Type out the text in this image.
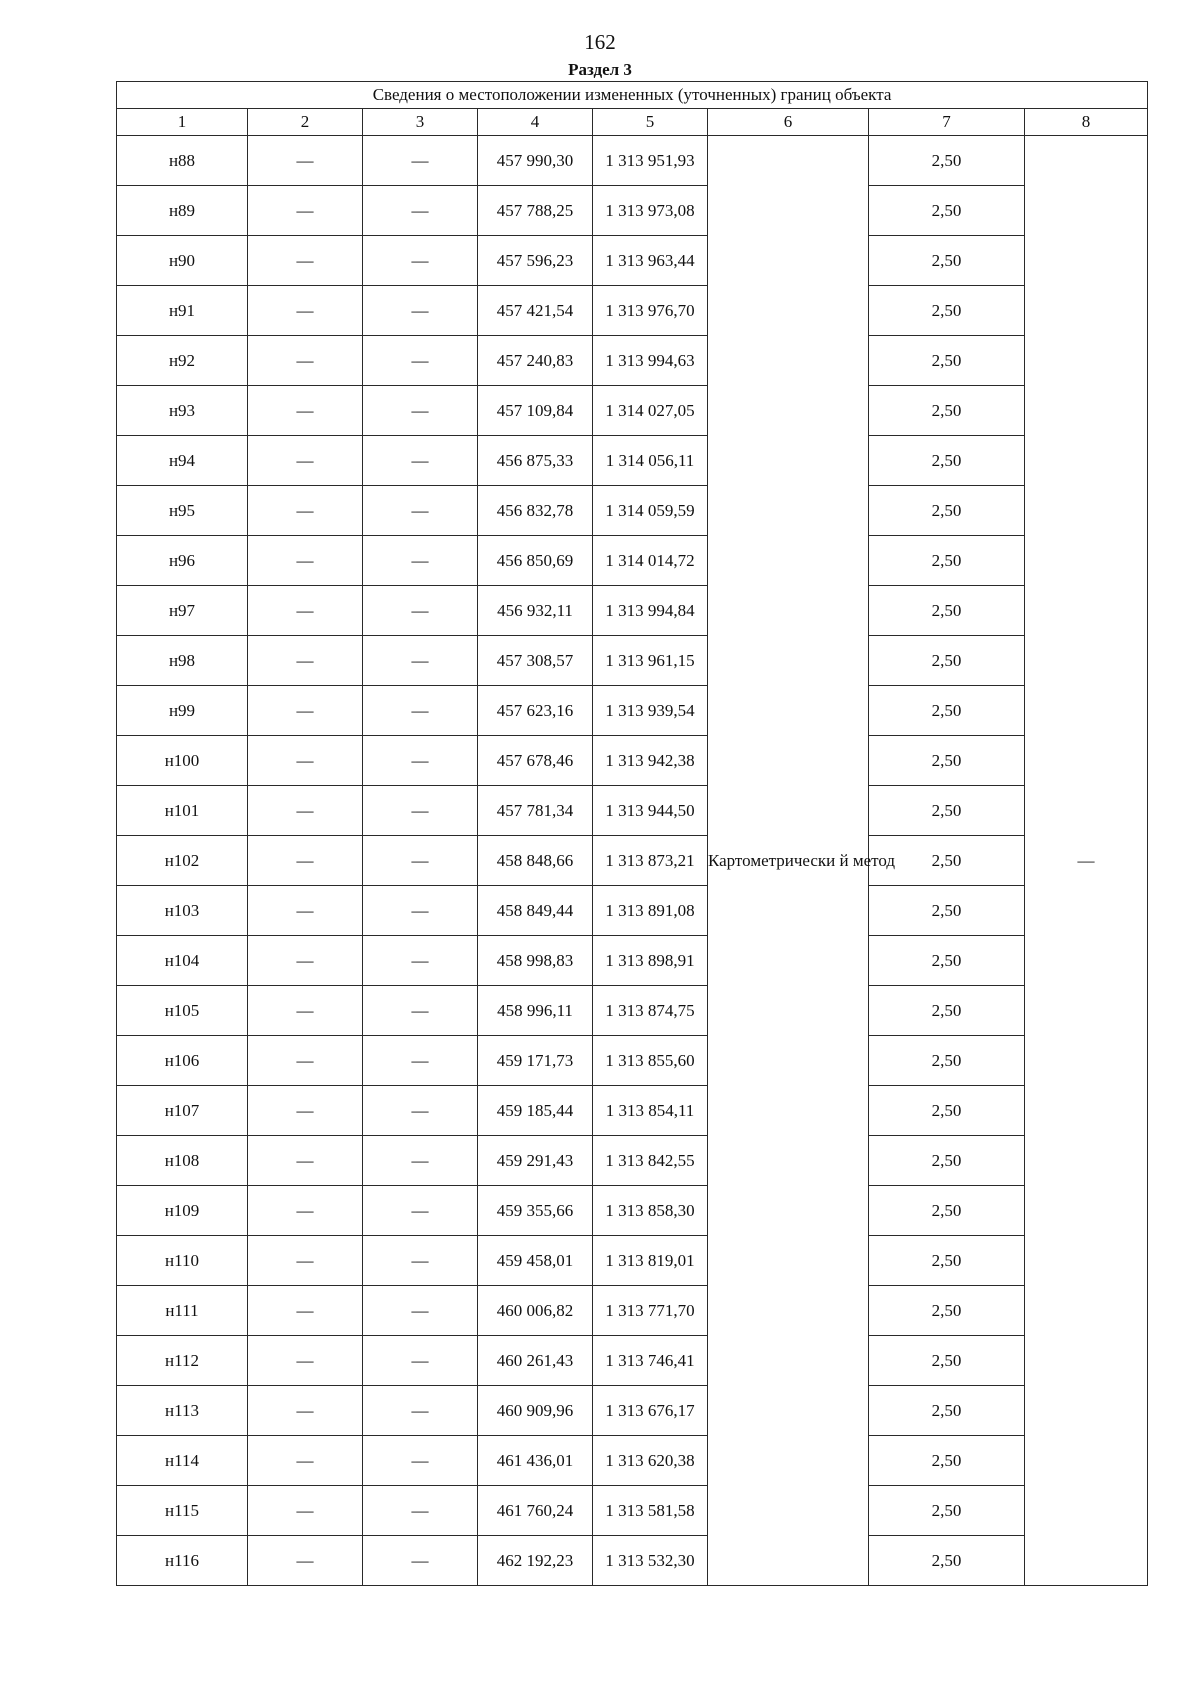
162
Раздел 3
Сведения о местоположении измененных (уточненных) границ объекта							
1	2	3	4	5	6	7	8
н88	—	—	457 990,30	1 313 951,93	Картометрически й метод	2,50	—
н89	—	—	457 788,25	1 313 973,08		2,50	
н90	—	—	457 596,23	1 313 963,44		2,50	
н91	—	—	457 421,54	1 313 976,70		2,50	
н92	—	—	457 240,83	1 313 994,63		2,50	
н93	—	—	457 109,84	1 314 027,05		2,50	
н94	—	—	456 875,33	1 314 056,11		2,50	
н95	—	—	456 832,78	1 314 059,59		2,50	
н96	—	—	456 850,69	1 314 014,72		2,50	
н97	—	—	456 932,11	1 313 994,84		2,50	
н98	—	—	457 308,57	1 313 961,15		2,50	
н99	—	—	457 623,16	1 313 939,54		2,50	
н100	—	—	457 678,46	1 313 942,38		2,50	
н101	—	—	457 781,34	1 313 944,50		2,50	
н102	—	—	458 848,66	1 313 873,21		2,50	
н103	—	—	458 849,44	1 313 891,08		2,50	
н104	—	—	458 998,83	1 313 898,91		2,50	
н105	—	—	458 996,11	1 313 874,75		2,50	
н106	—	—	459 171,73	1 313 855,60		2,50	
н107	—	—	459 185,44	1 313 854,11		2,50	
н108	—	—	459 291,43	1 313 842,55		2,50	
н109	—	—	459 355,66	1 313 858,30		2,50	
н110	—	—	459 458,01	1 313 819,01		2,50	
н111	—	—	460 006,82	1 313 771,70		2,50	
н112	—	—	460 261,43	1 313 746,41		2,50	
н113	—	—	460 909,96	1 313 676,17		2,50	
н114	—	—	461 436,01	1 313 620,38		2,50	
н115	—	—	461 760,24	1 313 581,58		2,50	
н116	—	—	462 192,23	1 313 532,30		2,50	
